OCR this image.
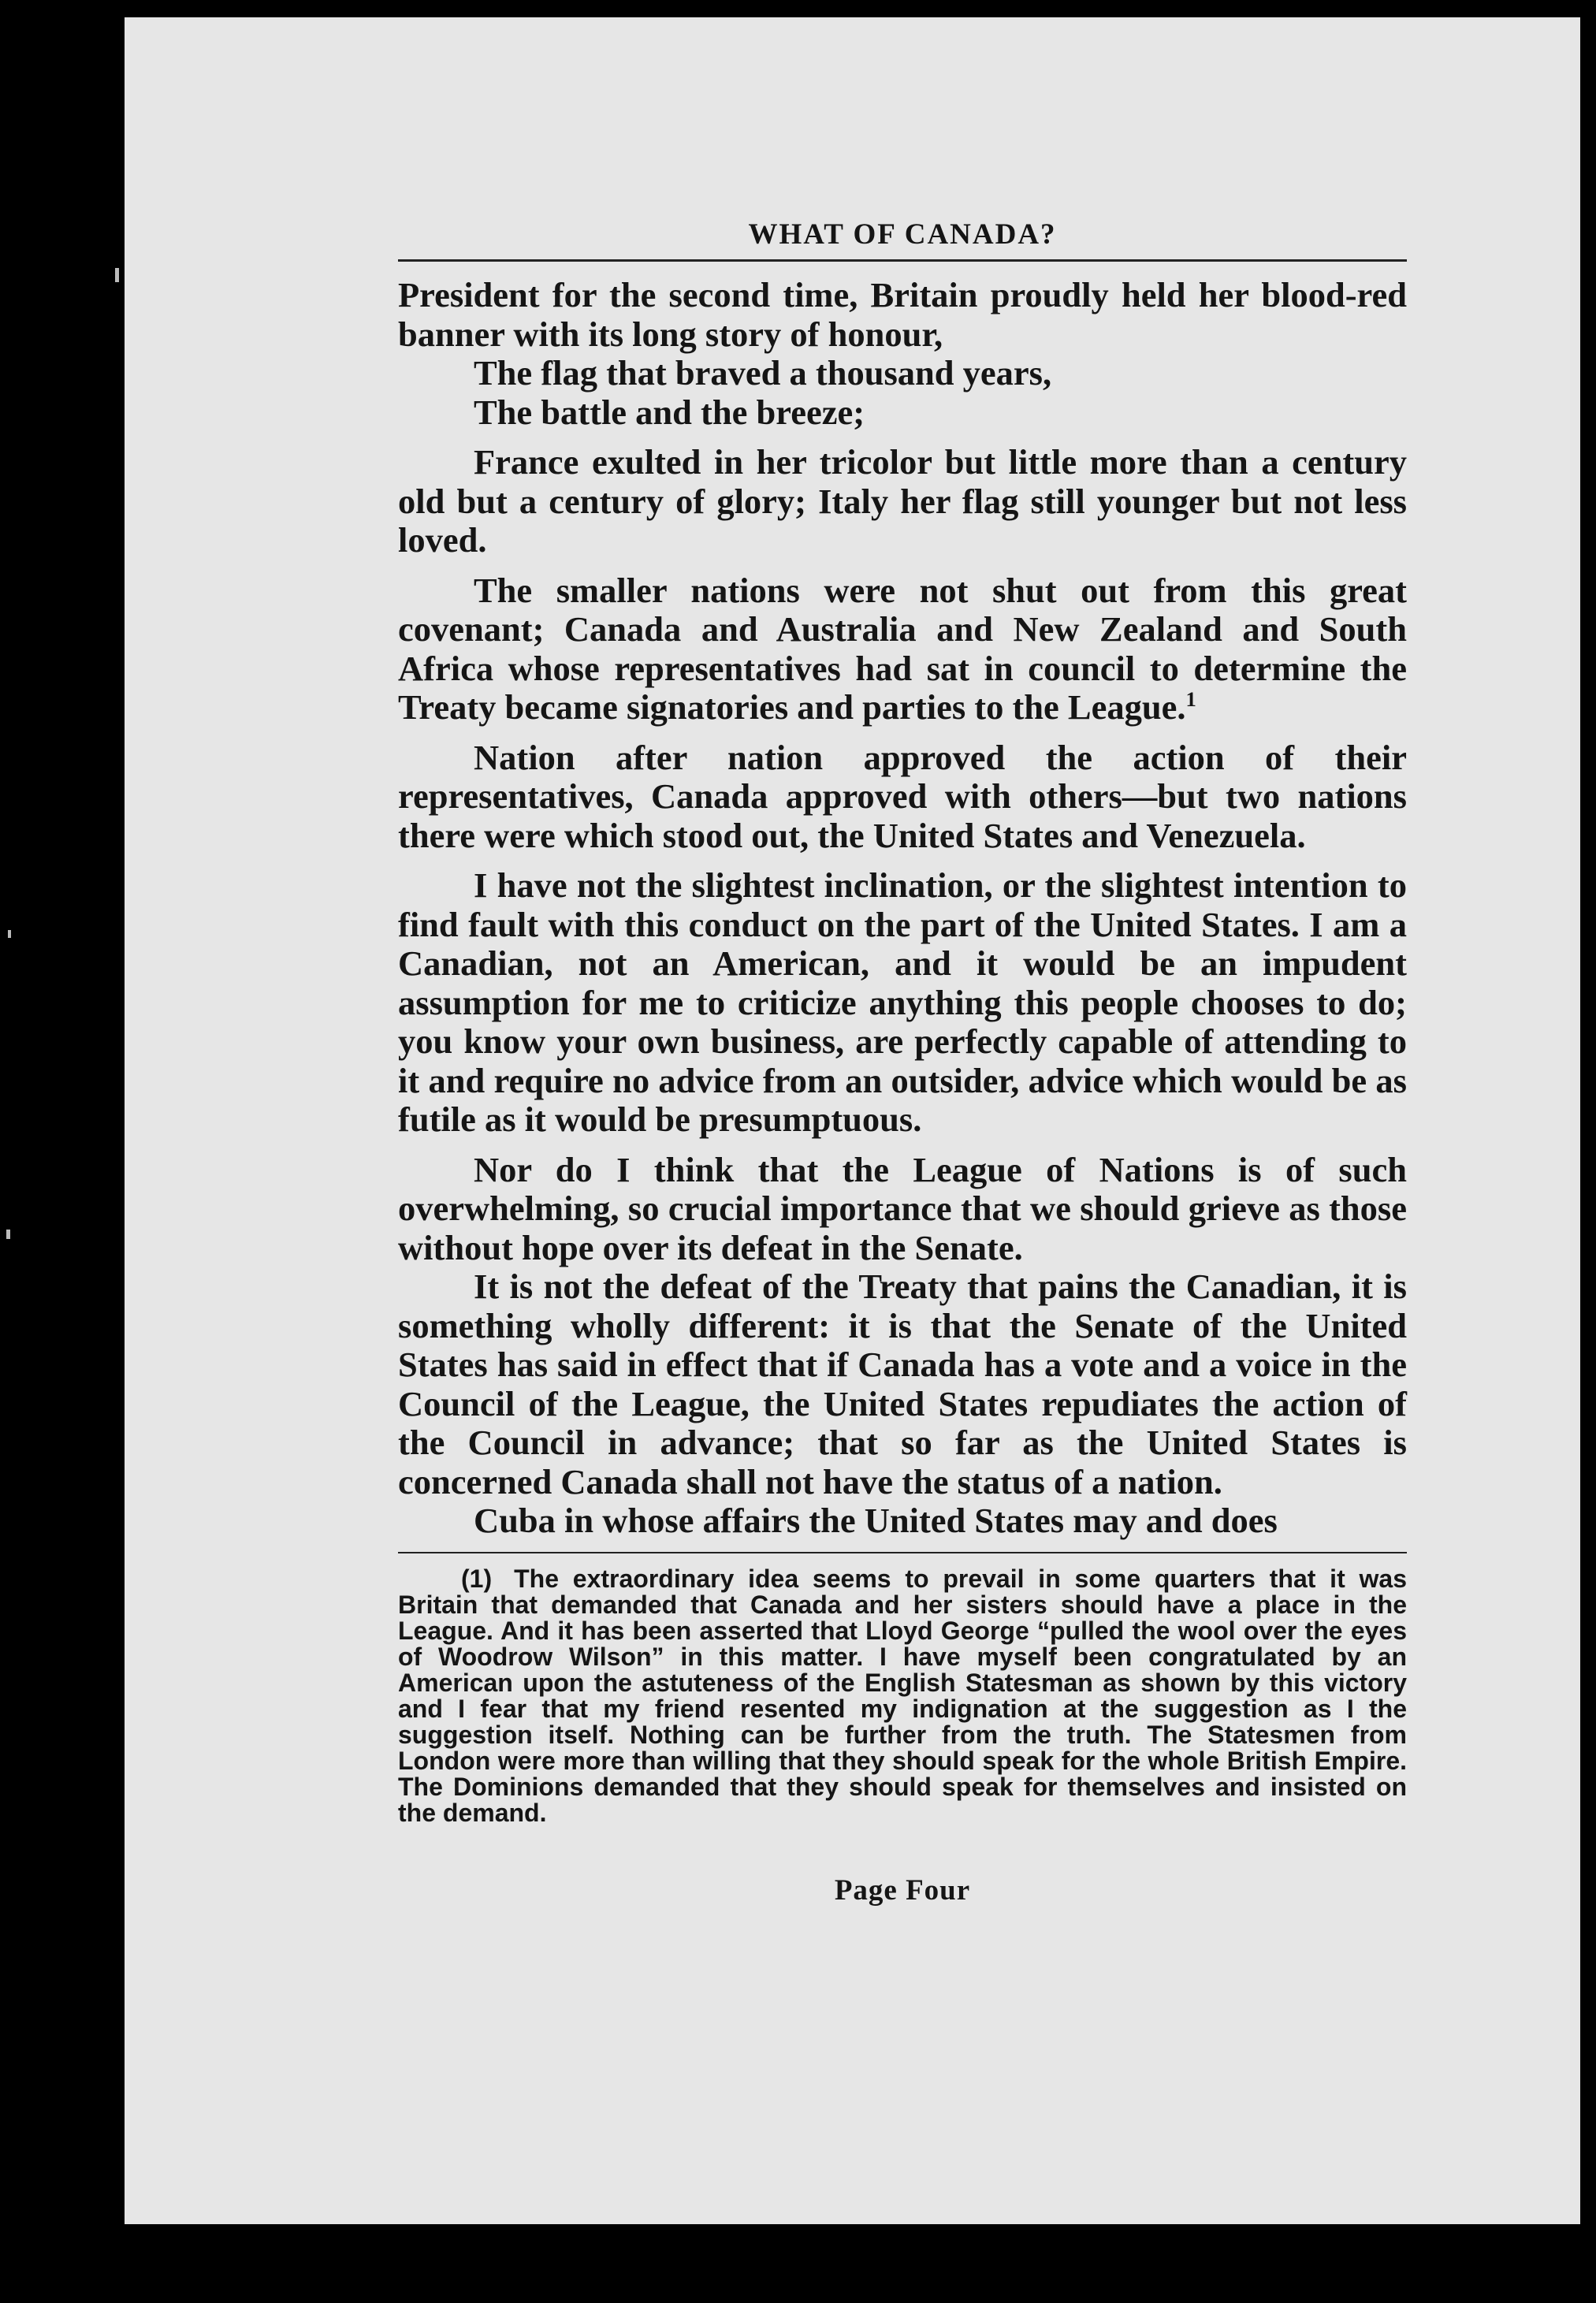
WHAT OF CANADA?

President for the second time, Britain proudly held her blood-red banner with its long story of honour,

The flag that braved a thousand years,

The battle and the breeze;

France exulted in her tricolor but little more than a century old but a century of glory; Italy her flag still younger but not less loved.

The smaller nations were not shut out from this great covenant; Canada and Australia and New Zealand and South Africa whose representatives had sat in council to determine the Treaty became signatories and parties to the League.$^1$

Nation after nation approved the action of their representatives, Canada approved with others—but two nations there were which stood out, the United States and Venezuela.

I have not the slightest inclination, or the slightest intention to find fault with this conduct on the part of the United States. I am a Canadian, not an American, and it would be an impudent assumption for me to criticize anything this people chooses to do; you know your own business, are perfectly capable of attending to it and require no advice from an outsider, advice which would be as futile as it would be presumptuous.

Nor do I think that the League of Nations is of such overwhelming, so crucial importance that we should grieve as those without hope over its defeat in the Senate.

It is not the defeat of the Treaty that pains the Canadian, it is something wholly different: it is that the Senate of the United States has said in effect that if Canada has a vote and a voice in the Council of the League, the United States repudiates the action of the Council in advance; that so far as the United States is concerned Canada shall not have the status of a nation.

Cuba in whose affairs the United States may and does

(1) The extraordinary idea seems to prevail in some quarters that it was Britain that demanded that Canada and her sisters should have a place in the League. And it has been asserted that Lloyd George “pulled the wool over the eyes of Woodrow Wilson” in this matter. I have myself been congratulated by an American upon the astuteness of the English Statesman as shown by this victory and I fear that my friend resented my indignation at the suggestion as I the suggestion itself. Nothing can be further from the truth. The Statesmen from London were more than willing that they should speak for the whole British Empire. The Dominions demanded that they should speak for themselves and insisted on the demand.

Page Four
